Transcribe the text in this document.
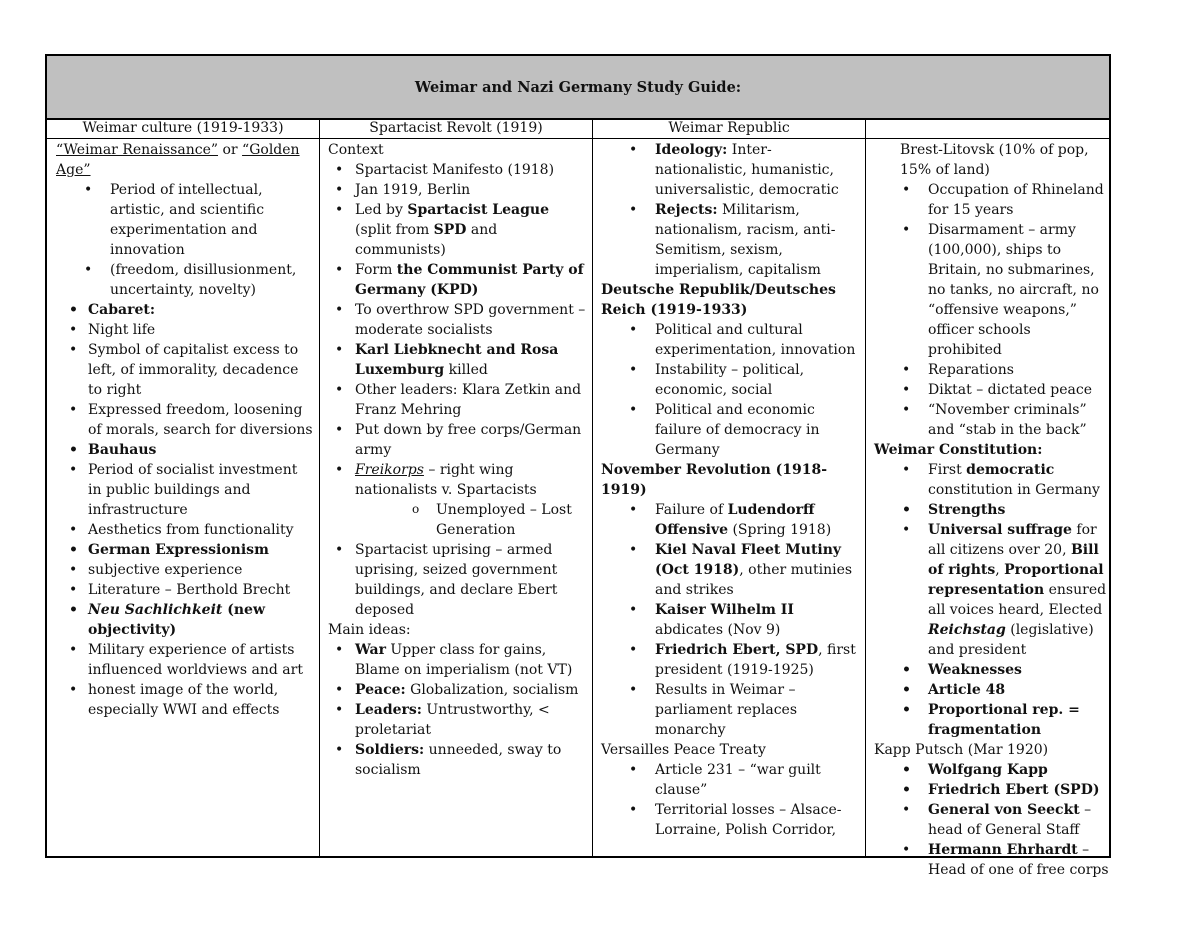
Weimar and Nazi Germany Study Guide:
Weimar culture (1919-1933)	Spartacist Revolt (1919)	Weimar Republic
“Weimar Renaissance” or “Golden Age”
• Period of intellectual, artistic, and scientific experimentation and innovation
• (freedom, disillusionment, uncertainty, novelty)
• Cabaret:
• Night life
• Symbol of capitalist excess to left, of immorality, decadence to right
• Expressed freedom, loosening of morals, search for diversions
• Bauhaus
• Period of socialist investment in public buildings and infrastructure
• Aesthetics from functionality
• German Expressionism
• subjective experience
• Literature – Berthold Brecht
• Neu Sachlichkeit (new objectivity)
• Military experience of artists influenced worldviews and art
• honest image of the world, especially WWI and effects
Context
• Spartacist Manifesto (1918)
• Jan 1919, Berlin
• Led by Spartacist League (split from SPD and communists)
• Form the Communist Party of Germany (KPD)
• To overthrow SPD government – moderate socialists
• Karl Liebknecht and Rosa Luxemburg killed
• Other leaders: Klara Zetkin and Franz Mehring
• Put down by free corps/German army
• Freikorps – right wing nationalists v. Spartacists
o Unemployed – Lost Generation
• Spartacist uprising – armed uprising, seized government buildings, and declare Ebert deposed
Main ideas:
• War Upper class for gains, Blame on imperialism (not VT)
• Peace: Globalization, socialism
• Leaders: Untrustworthy, < proletariat
• Soldiers: unneeded, sway to socialism
• Ideology: Inter-nationalistic, humanistic, universalistic, democratic
• Rejects: Militarism, nationalism, racism, anti-Semitism, sexism, imperialism, capitalism
Deutsche Republik/Deutsches Reich (1919-1933)
• Political and cultural experimentation, innovation
• Instability – political, economic, social
• Political and economic failure of democracy in Germany
November Revolution (1918-1919)
• Failure of Ludendorff Offensive (Spring 1918)
• Kiel Naval Fleet Mutiny (Oct 1918), other mutinies and strikes
• Kaiser Wilhelm II abdicates (Nov 9)
• Friedrich Ebert, SPD, first president (1919-1925)
• Results in Weimar – parliament replaces monarchy
Versailles Peace Treaty
• Article 231 – “war guilt clause”
• Territorial losses – Alsace-Lorraine, Polish Corridor,
Brest-Litovsk (10% of pop, 15% of land)
• Occupation of Rhineland for 15 years
• Disarmament – army (100,000), ships to Britain, no submarines, no tanks, no aircraft, no “offensive weapons,” officer schools prohibited
• Reparations
• Diktat – dictated peace
• “November criminals” and “stab in the back”
Weimar Constitution:
• First democratic constitution in Germany
• Strengths
• Universal suffrage for all citizens over 20, Bill of rights, Proportional representation ensured all voices heard, Elected Reichstag (legislative) and president
• Weaknesses
• Article 48
• Proportional rep. = fragmentation
Kapp Putsch (Mar 1920)
• Wolfgang Kapp
• Friedrich Ebert (SPD)
• General von Seeckt – head of General Staff
• Hermann Ehrhardt – Head of one of free corps
